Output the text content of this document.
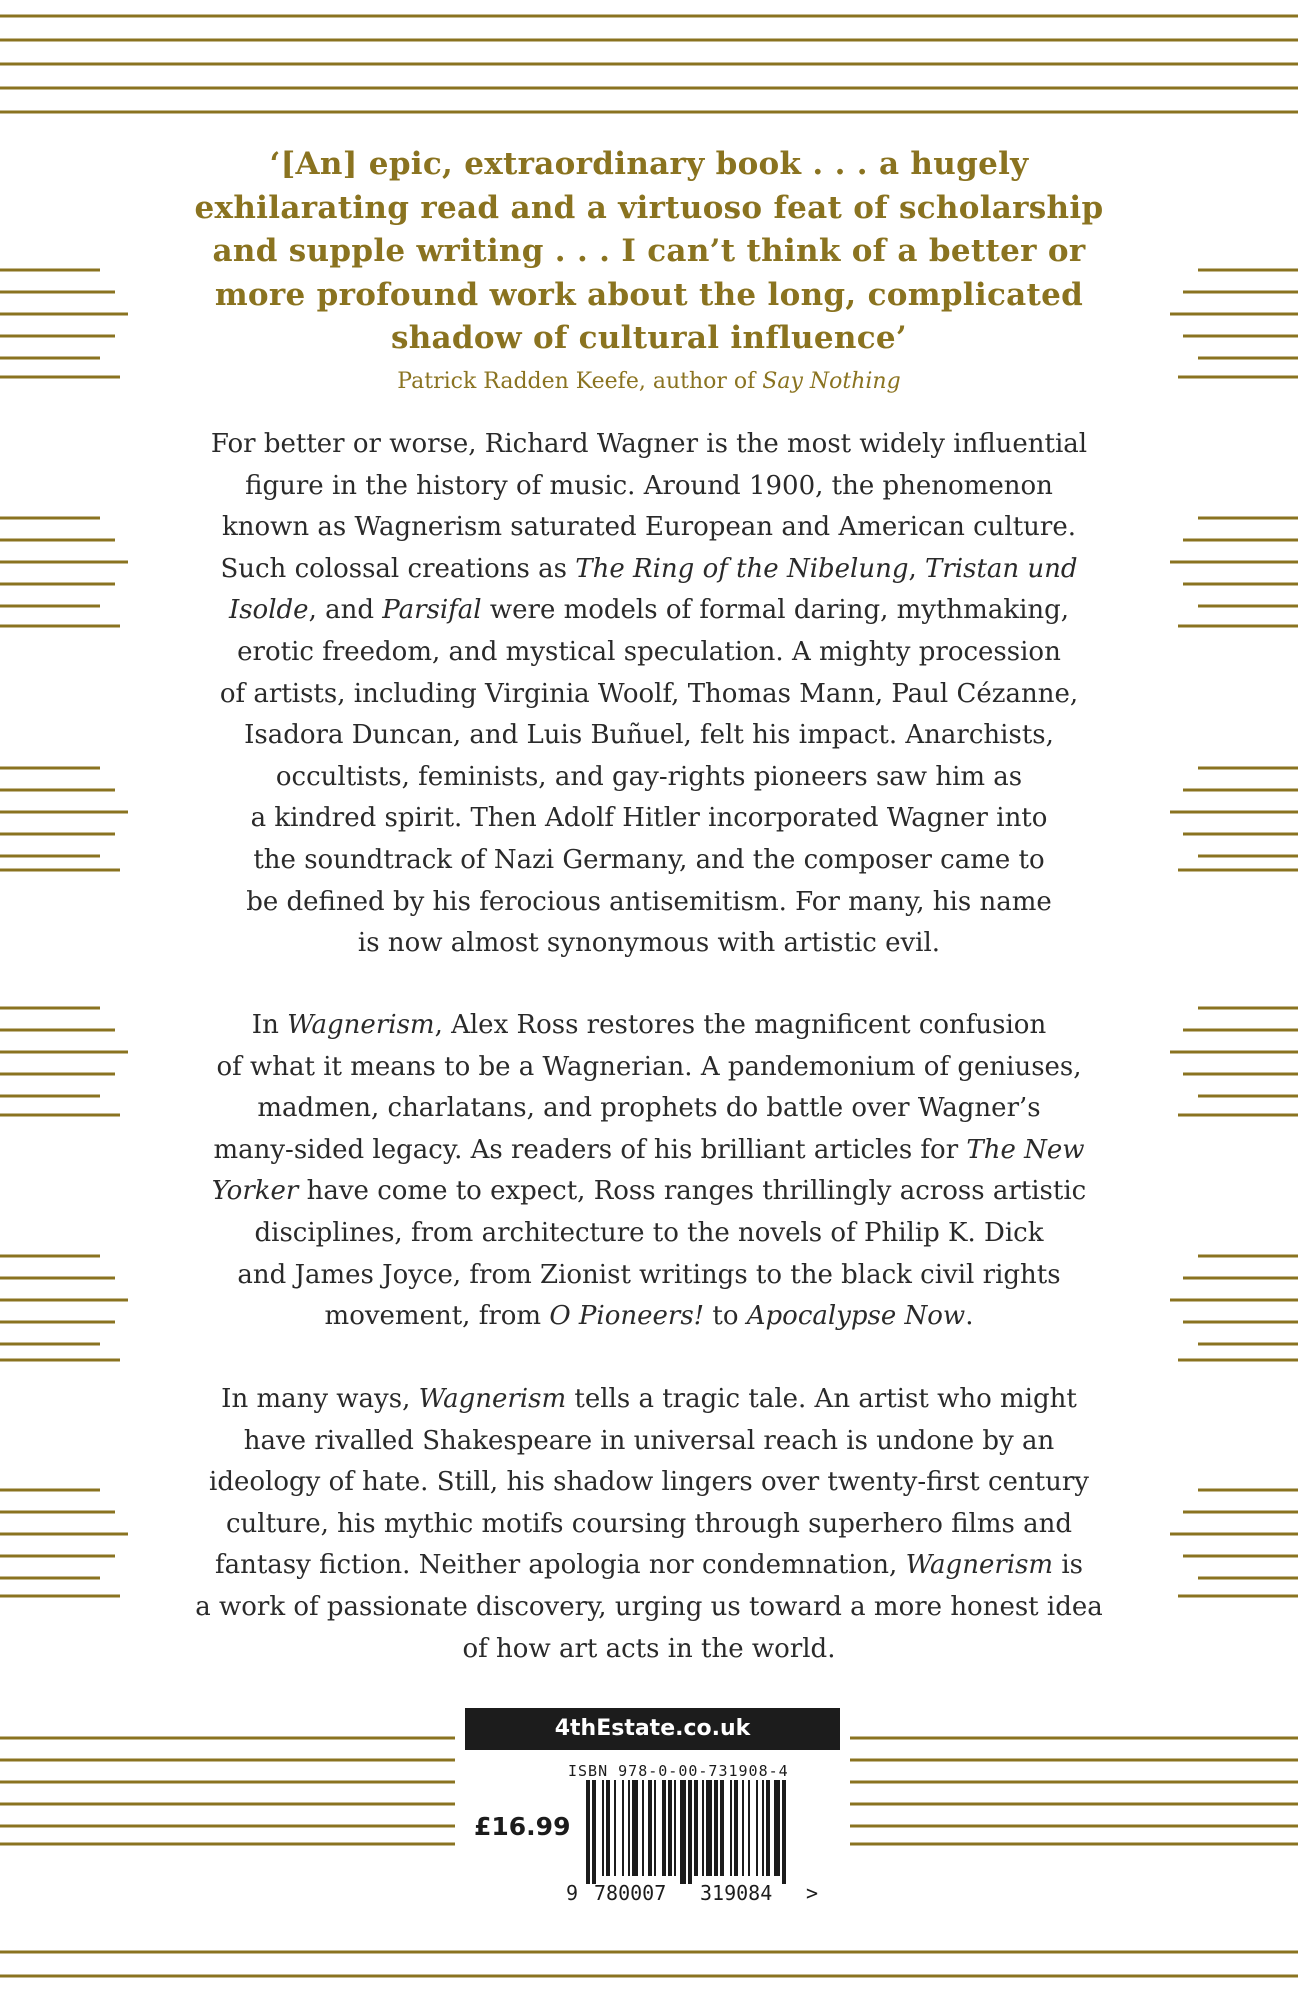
‘[An] epic, extraordinary book . . . a hugely
exhilarating read and a virtuoso feat of scholarship
and supple writing . . . I can’t think of a better or
more profound work about the long, complicated
shadow of cultural influence’
Patrick Radden Keefe, author of Say Nothing

For better or worse, Richard Wagner is the most widely influential
figure in the history of music. Around 1900, the phenomenon
known as Wagnerism saturated European and American culture.
Such colossal creations as The Ring of the Nibelung, Tristan und
Isolde, and Parsifal were models of formal daring, mythmaking,
erotic freedom, and mystical speculation. A mighty procession
of artists, including Virginia Woolf, Thomas Mann, Paul Cézanne,
Isadora Duncan, and Luis Buñuel, felt his impact. Anarchists,
occultists, feminists, and gay-rights pioneers saw him as
a kindred spirit. Then Adolf Hitler incorporated Wagner into
the soundtrack of Nazi Germany, and the composer came to
be defined by his ferocious antisemitism. For many, his name
is now almost synonymous with artistic evil.

In Wagnerism, Alex Ross restores the magnificent confusion
of what it means to be a Wagnerian. A pandemonium of geniuses,
madmen, charlatans, and prophets do battle over Wagner’s
many-sided legacy. As readers of his brilliant articles for The New
Yorker have come to expect, Ross ranges thrillingly across artistic
disciplines, from architecture to the novels of Philip K. Dick
and James Joyce, from Zionist writings to the black civil rights
movement, from O Pioneers! to Apocalypse Now.

In many ways, Wagnerism tells a tragic tale. An artist who might
have rivalled Shakespeare in universal reach is undone by an
ideology of hate. Still, his shadow lingers over twenty-first century
culture, his mythic motifs coursing through superhero films and
fantasy fiction. Neither apologia nor condemnation, Wagnerism is
a work of passionate discovery, urging us toward a more honest idea
of how art acts in the world.

4thEstate.co.uk
ISBN 978-0-00-731908-4
£16.99
9 780007 319084 >
